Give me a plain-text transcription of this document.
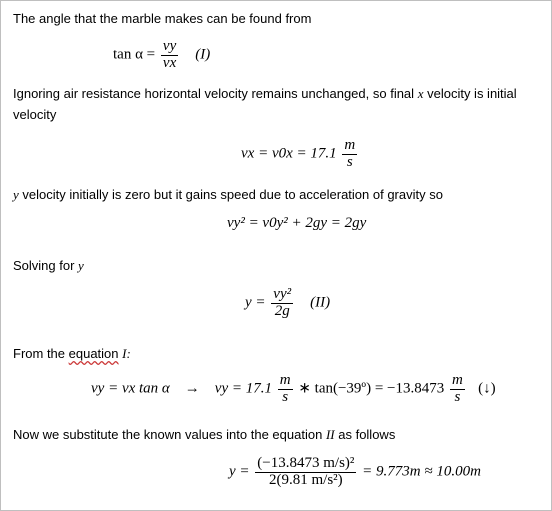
The angle that the marble makes can be found from
$\tan \alpha = \frac{vy}{vx} (I)$
Ignoring air resistance horizontal velocity remains unchanged, so final x velocity is initial
velocity
vx = $v0x = 17.1 \frac{m}{s}$
y velocity initially is zero but it gains speed due to acceleration of gravity so
vy² = v0y² + 2gy = 2gy
Solving for y
$y = \frac{\text{vy²}}{2g} (II)$
From the equation I:
vy = vx tan α → vy = $17.1 \frac{m}{s}$ ∗ tan(−39º) = $-13.8473 \frac{m}{s}$ (↓)
Now we substitute the known values into the equation II as follows
$y = \frac{\text{(−13.8473 m/s)²}}{\text{2(9.81 m/s²)}} = 9.773m \approx 10.00m$
